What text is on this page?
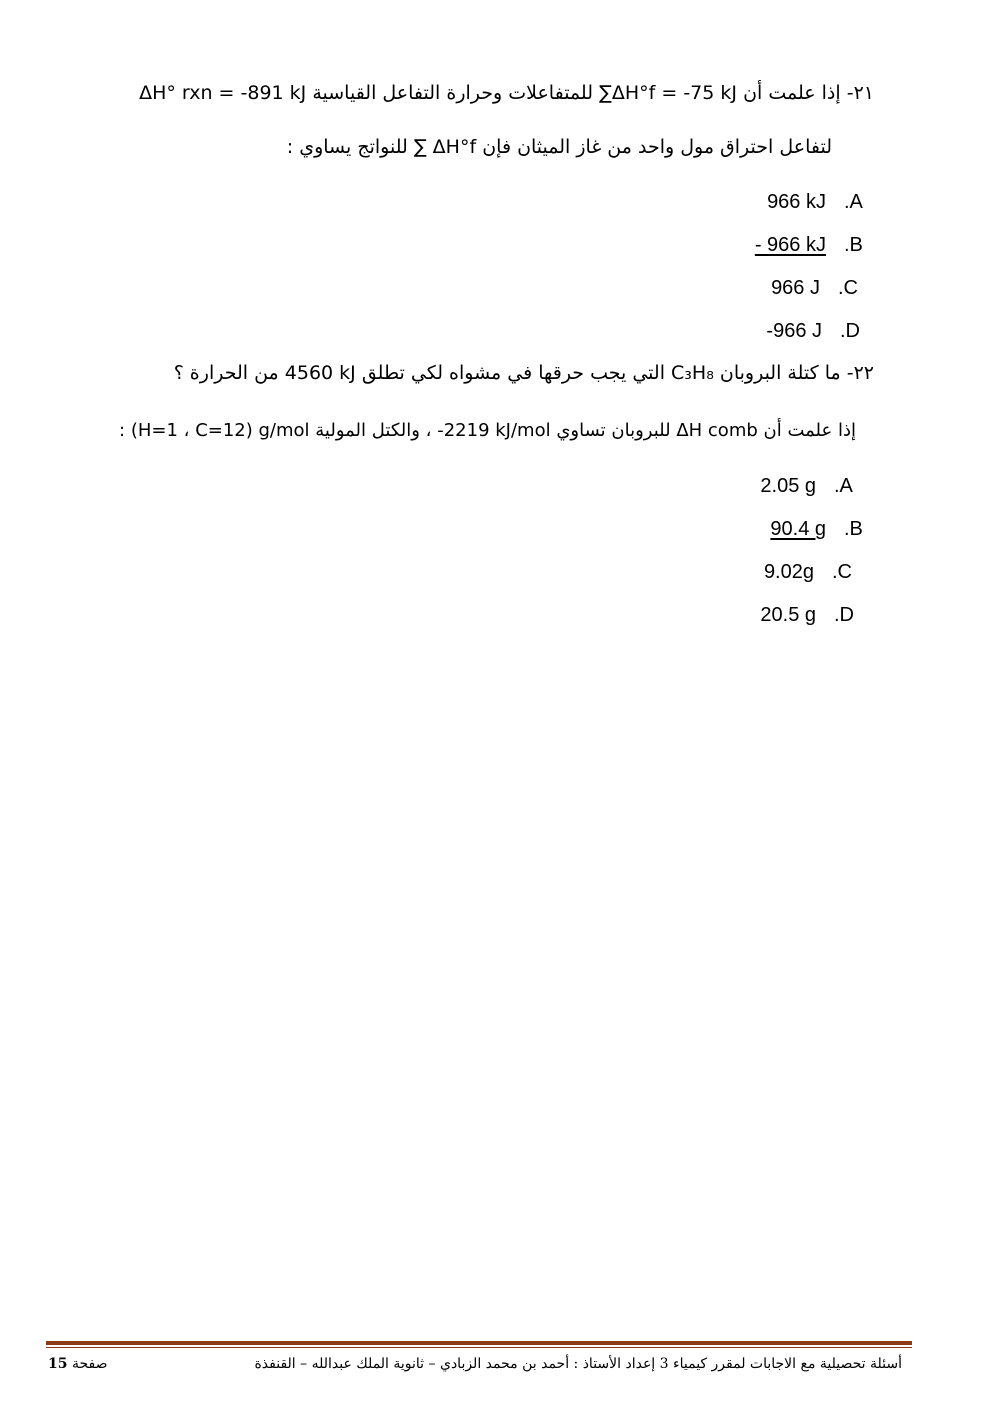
٢١- إذا علمت أن ∑ΔH°f = -75 kJ للمتفاعلات وحرارة التفاعل القياسية ΔH° rxn = -891 kJ
لتفاعل احتراق مول واحد من غاز الميثان فإن ∑ ΔH°f للنواتج يساوي :
966 kJ .A
- 966 kJ .B
966 J .C
-966 J .D
٢٢- ما كتلة البروبان C₃H₈ التي يجب حرقها في مشواه لكي تطلق 4560 kJ من الحرارة ؟
إذا علمت أن ΔH comb للبروبان تساوي -2219 kJ/mol ، والكتل المولية (H=1 ، C=12) g/mol :
2.05 g .A
90.4 g .B
9.02g .C
20.5 g .D
صفحة 15	أسئلة تحصيلية مع الاجابات لمقرر كيمياء 3 إعداد الأستاذ : أحمد بن محمد الزبادي – ثانوية الملك عبدالله – القنفذة
